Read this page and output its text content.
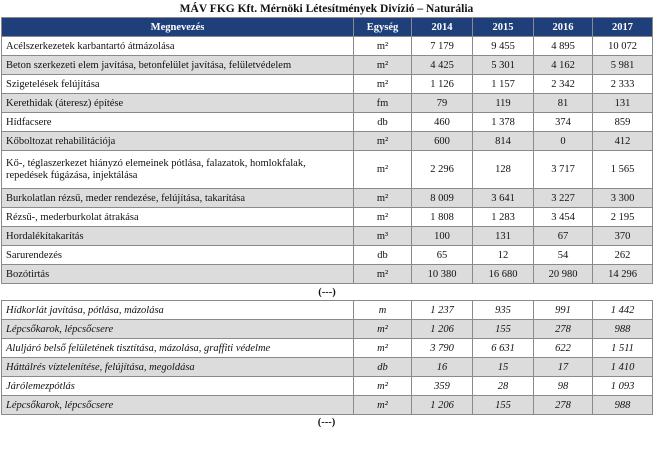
MÁV FKG Kft. Mérnöki Létesítmények Divízió – Naturália
Megnevezés	Egység	2014	2015	2016	2017
Acélszerkezetek karbantartó átmázolása	m²	7 179	9 455	4 895	10 072
Beton szerkezeti elem javítása, betonfelület javítása, felületvédelem	m²	4 425	5 301	4 162	5 981
Szigetelések felújítása	m²	1 126	1 157	2 342	2 333
Kerethidak (áteresz) építése	fm	79	119	81	131
Hídfacsere	db	460	1 378	374	859
Kőboltozat rehabilitációja	m²	600	814	0	412
Kő-, téglaszerkezet hiányzó elemeinek pótlása, falazatok, homlokfalak, repedések fúgázása, injektálása	m²	2 296	128	3 717	1 565
Burkolatlan rézsű, meder rendezése, felújítása, takarítása	m²	8 009	3 641	3 227	3 300
Rézsű-, mederburkolat átrakása	m²	1 808	1 283	3 454	2 195
Hordalékítakarítás	m³	100	131	67	370
Sarurendezés	db	65	12	54	262
Bozótirtás	m²	10 380	16 680	20 980	14 296
(---)					
Hídkorlát javítása, pótlása, mázolása	m	1 237	935	991	1 442
Lépcsőkarok, lépcsőcsere	m²	1 206	155	278	988
Aluljáró belső felületének tisztítása, mázolása, graffiti védelme	m²	3 790	6 631	622	1 511
Háttálrés víztelenítése, felújítása, megoldása	db	16	15	17	1 410
Járólemezpótlás	m²	359	28	98	1 093
Lépcsőkarok, lépcsőcsere	m²	1 206	155	278	988
(---)
